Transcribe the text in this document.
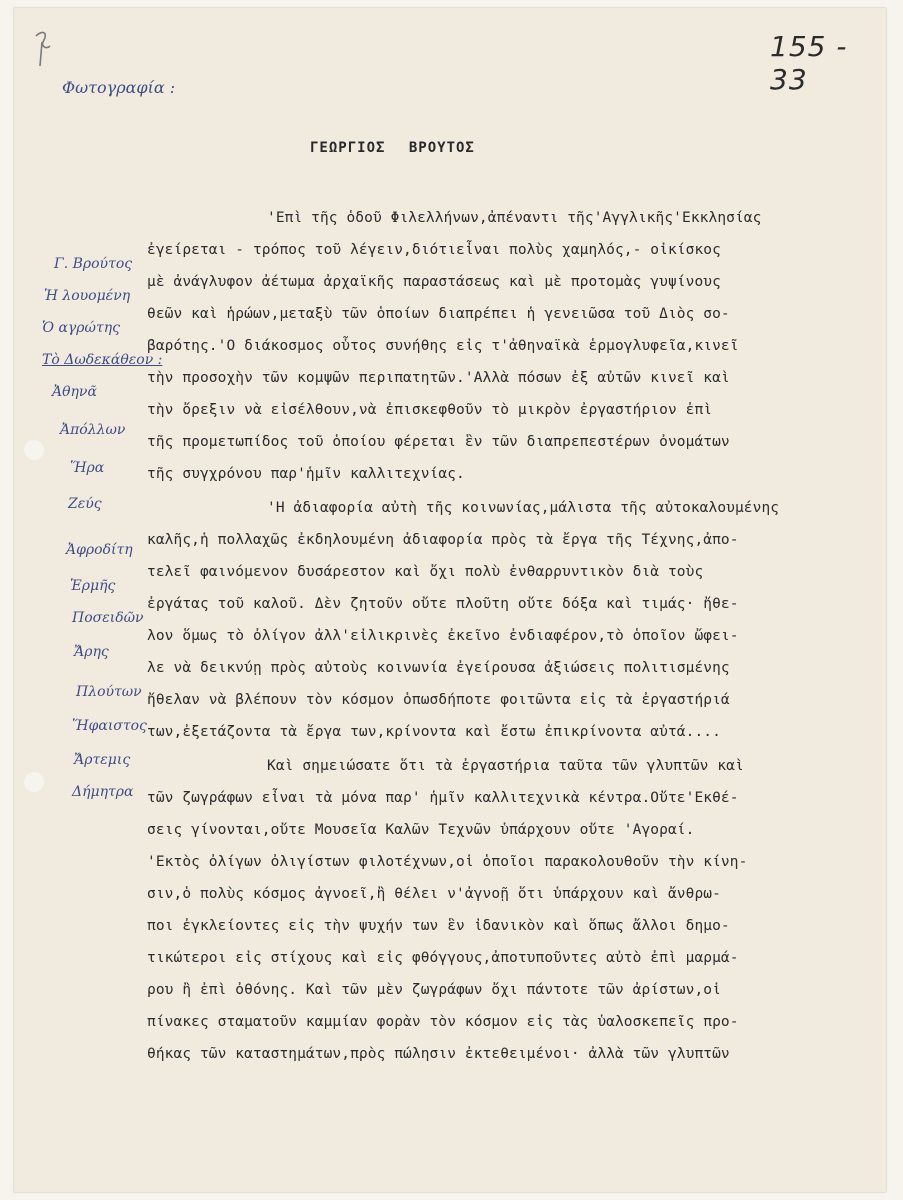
155 - 33
Φωτογραφία :
ΓΕΩΡΓΙΟΣ ΒΡΟΥΤΟΣ
Γ. Βρούτος
Ἡ λουομένη
Ὁ αγρώτης
Τὸ Δωδεκάθεον :
Ἀθηνᾶ
Ἀπόλλων
Ἥρα
Ζεύς
Ἀφροδίτη
Ἑρμῆς
Ποσειδῶν
Ἄρης
Πλούτων
Ἥφαιστος
Ἄρτεμις
Δήμητρα
'Επὶ τῆς ὁδοῦ Φιλελλήνων,ἀπέναντι τῆς'Αγγλικῆς'Εκκλησίας
ἐγείρεται - τρόπος τοῦ λέγειν,διότιεἶναι πολὺς χαμηλός,- οἰκίσκος
μὲ ἀνάγλυφον ἀέτωμα ἀρχαϊκῆς παραστάσεως καὶ μὲ προτομὰς γυψίνους
θεῶν καὶ ἡρώων,μεταξὺ τῶν ὁποίων διαπρέπει ἡ γενειῶσα τοῦ Διὸς σο-
βαρότης.'Ο διάκοσμος οὗτος συνήθης εἰς τ'ἀθηναϊκὰ ἑρμογλυφεῖα,κινεῖ
τὴν προσοχὴν τῶν κομψῶν περιπατητῶν.'Αλλὰ πόσων ἐξ αὐτῶν κινεῖ καὶ
τὴν ὄρεξιν νὰ εἰσέλθουν,νὰ ἐπισκεφθοῦν τὸ μικρὸν ἐργαστήριον ἐπὶ
τῆς προμετωπίδος τοῦ ὁποίου φέρεται ἓν τῶν διαπρεπεστέρων ὀνομάτων
τῆς συγχρόνου παρ'ἡμῖν καλλιτεχνίας.
'Η ἀδιαφορία αὐτὴ τῆς κοινωνίας,μάλιστα τῆς αὐτοκαλουμένης
καλῆς,ἡ πολλαχῶς ἐκδηλουμένη ἀδιαφορία πρὸς τὰ ἔργα τῆς Τέχνης,ἀπο-
τελεῖ φαινόμενον δυσάρεστον καὶ ὄχι πολὺ ἐνθαρρυντικὸν διὰ τοὺς
ἐργάτας τοῦ καλοῦ. Δὲν ζητοῦν οὔτε πλοῦτη οὔτε δόξα καὶ τιμάς· ἤθε-
λον ὅμως τὸ ὀλίγον ἀλλ'εἰλικρινὲς ἐκεῖνο ἐνδιαφέρον,τὸ ὁποῖον ὤφει-
λε νὰ δεικνύῃ πρὸς αὐτοὺς κοινωνία ἐγείρουσα ἀξιώσεις πολιτισμένης
ἤθελαν νὰ βλέπουν τὸν κόσμον ὁπωσδήποτε φοιτῶντα εἰς τὰ ἐργαστήριά
των,ἐξετάζοντα τὰ ἔργα των,κρίνοντα καὶ ἔστω ἐπικρίνοντα αὐτά....
Καὶ σημειώσατε ὅτι τὰ ἐργαστήρια ταῦτα τῶν γλυπτῶν καὶ
τῶν ζωγράφων εἶναι τὰ μόνα παρ' ἡμῖν καλλιτεχνικὰ κέντρα.Οὔτε'Εκθέ-
σεις γίνονται,οὔτε Μουσεῖα Καλῶν Τεχνῶν ὑπάρχουν οὔτε 'Αγοραί.
'Εκτὸς ὀλίγων ὀλιγίστων φιλοτέχνων,οἱ ὁποῖοι παρακολουθοῦν τὴν κίνη-
σιν,ὁ πολὺς κόσμος ἀγνοεῖ,ἢ θέλει ν'ἀγνοῇ ὅτι ὑπάρχουν καὶ ἄνθρω-
ποι ἐγκλείοντες εἰς τὴν ψυχήν των ἓν ἰδανικὸν καὶ ὅπως ἄλλοι δημο-
τικώτεροι εἰς στίχους καὶ εἰς φθόγγους,ἀποτυποῦντες αὐτὸ ἐπὶ μαρμά-
ρου ἢ ἐπὶ ὀθόνης. Καὶ τῶν μὲν ζωγράφων ὄχι πάντοτε τῶν ἀρίστων,οἱ
πίνακες σταματοῦν καμμίαν φορὰν τὸν κόσμον εἰς τὰς ὑαλοσκεπεῖς προ-
θήκας τῶν καταστημάτων,πρὸς πώλησιν ἐκτεθειμένοι· ἀλλὰ τῶν γλυπτῶν
